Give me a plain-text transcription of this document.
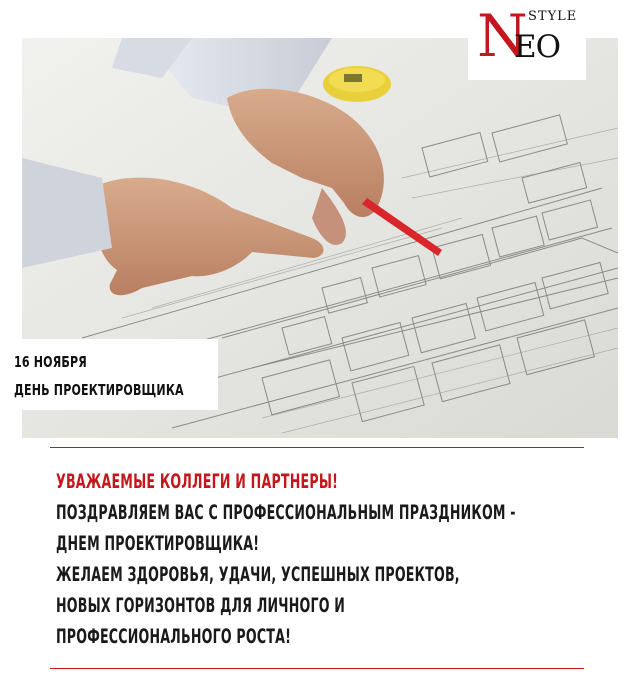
N STYLE
EO
16 НОЯБРЯ
ДЕНЬ ПРОЕКТИРОВЩИКА
УВАЖАЕМЫЕ КОЛЛЕГИ И ПАРТНЕРЫ!
ПОЗДРАВЛЯЕМ ВАС С ПРОФЕССИОНАЛЬНЫМ ПРАЗДНИКОМ -
ДНЕМ ПРОЕКТИРОВЩИКА!
ЖЕЛАЕМ ЗДОРОВЬЯ, УДАЧИ, УСПЕШНЫХ ПРОЕКТОВ,
НОВЫХ ГОРИЗОНТОВ ДЛЯ ЛИЧНОГО И
ПРОФЕССИОНАЛЬНОГО РОСТА!
